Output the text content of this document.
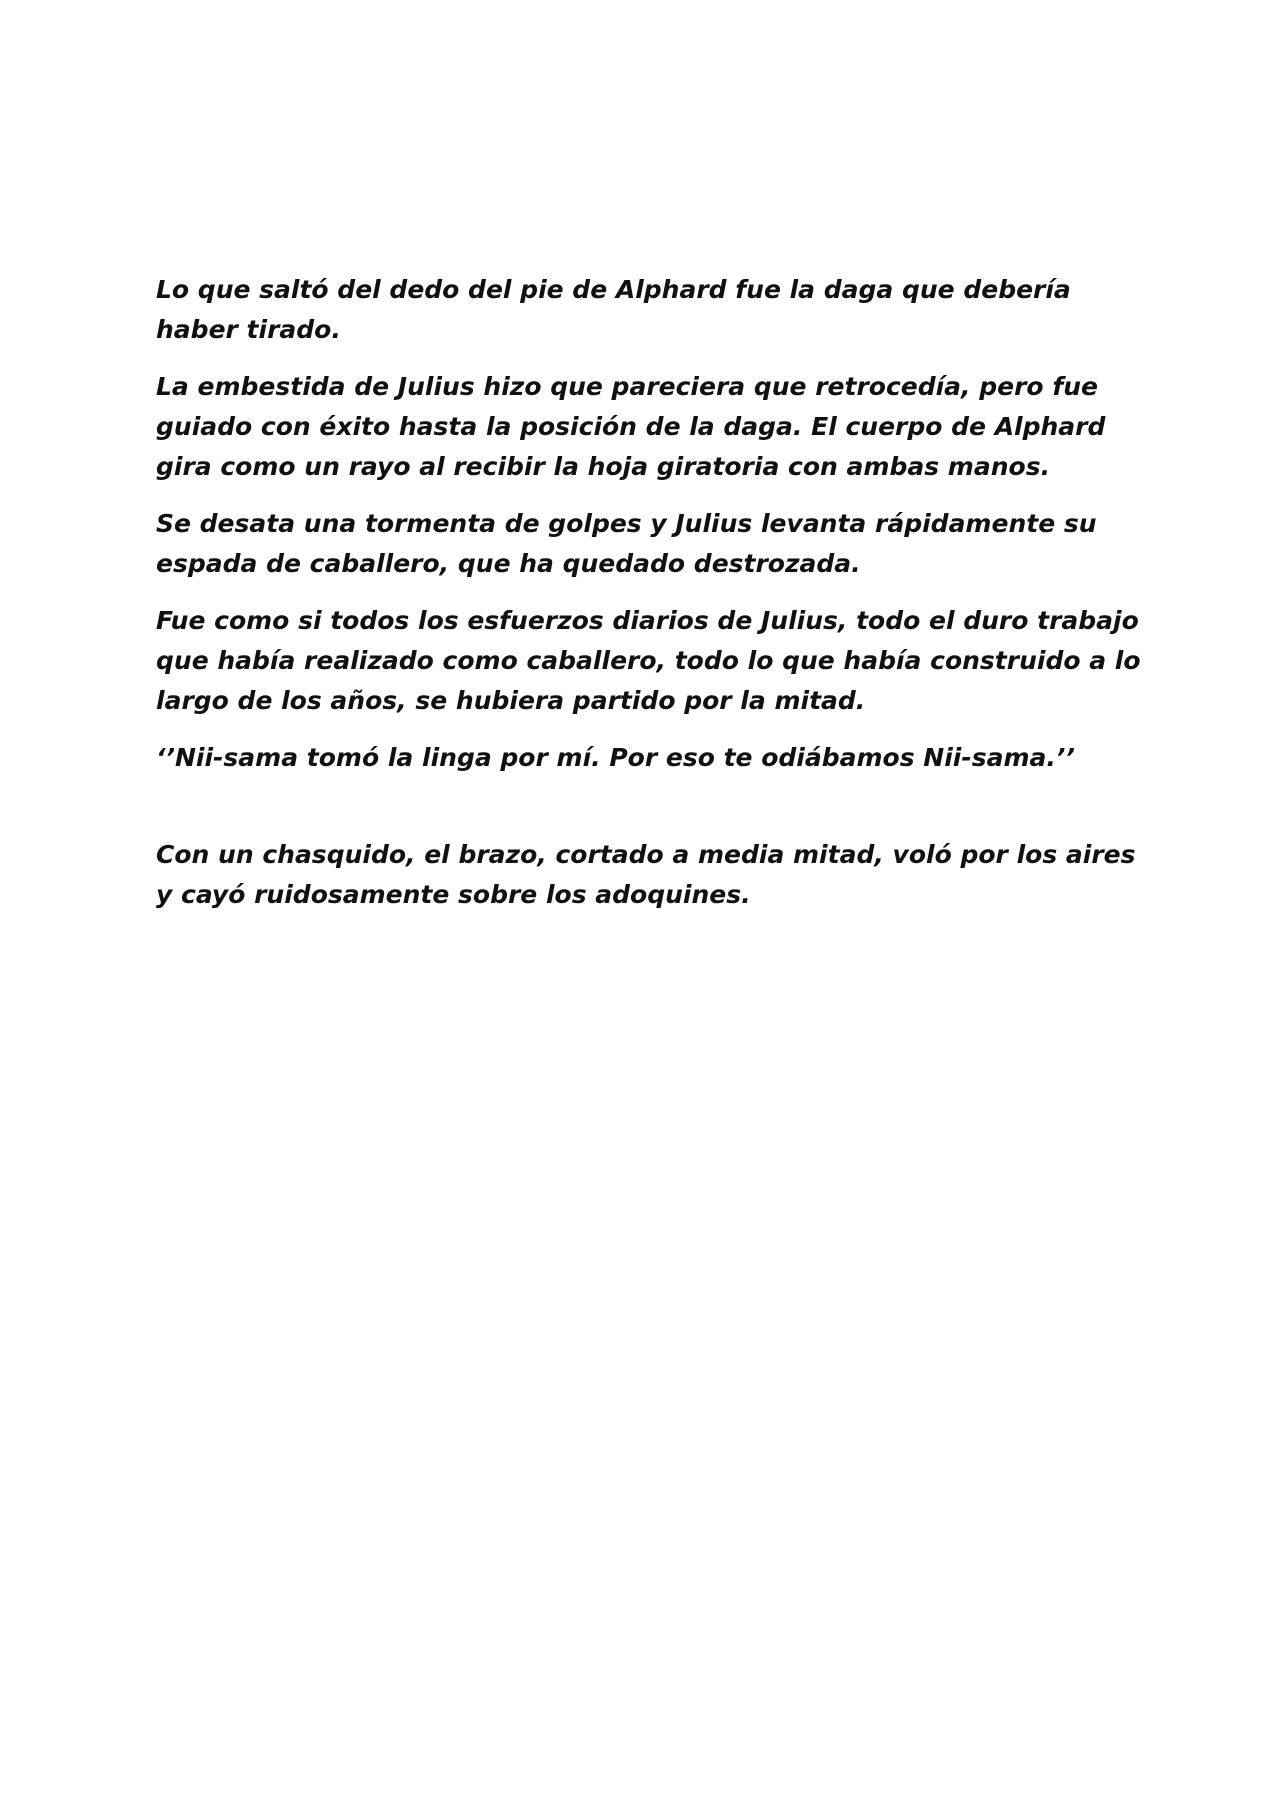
Lo que saltó del dedo del pie de Alphard fue la daga que debería haber tirado.

La embestida de Julius hizo que pareciera que retrocedía, pero fue guiado con éxito hasta la posición de la daga. El cuerpo de Alphard gira como un rayo al recibir la hoja giratoria con ambas manos.

Se desata una tormenta de golpes y Julius levanta rápidamente su espada de caballero, que ha quedado destrozada.

Fue como si todos los esfuerzos diarios de Julius, todo el duro trabajo que había realizado como caballero, todo lo que había construido a lo largo de los años, se hubiera partido por la mitad.

‘’Nii-sama tomó la linga por mí. Por eso te odiábamos Nii-sama.’’

Con un chasquido, el brazo, cortado a media mitad, voló por los aires y cayó ruidosamente sobre los adoquines.
